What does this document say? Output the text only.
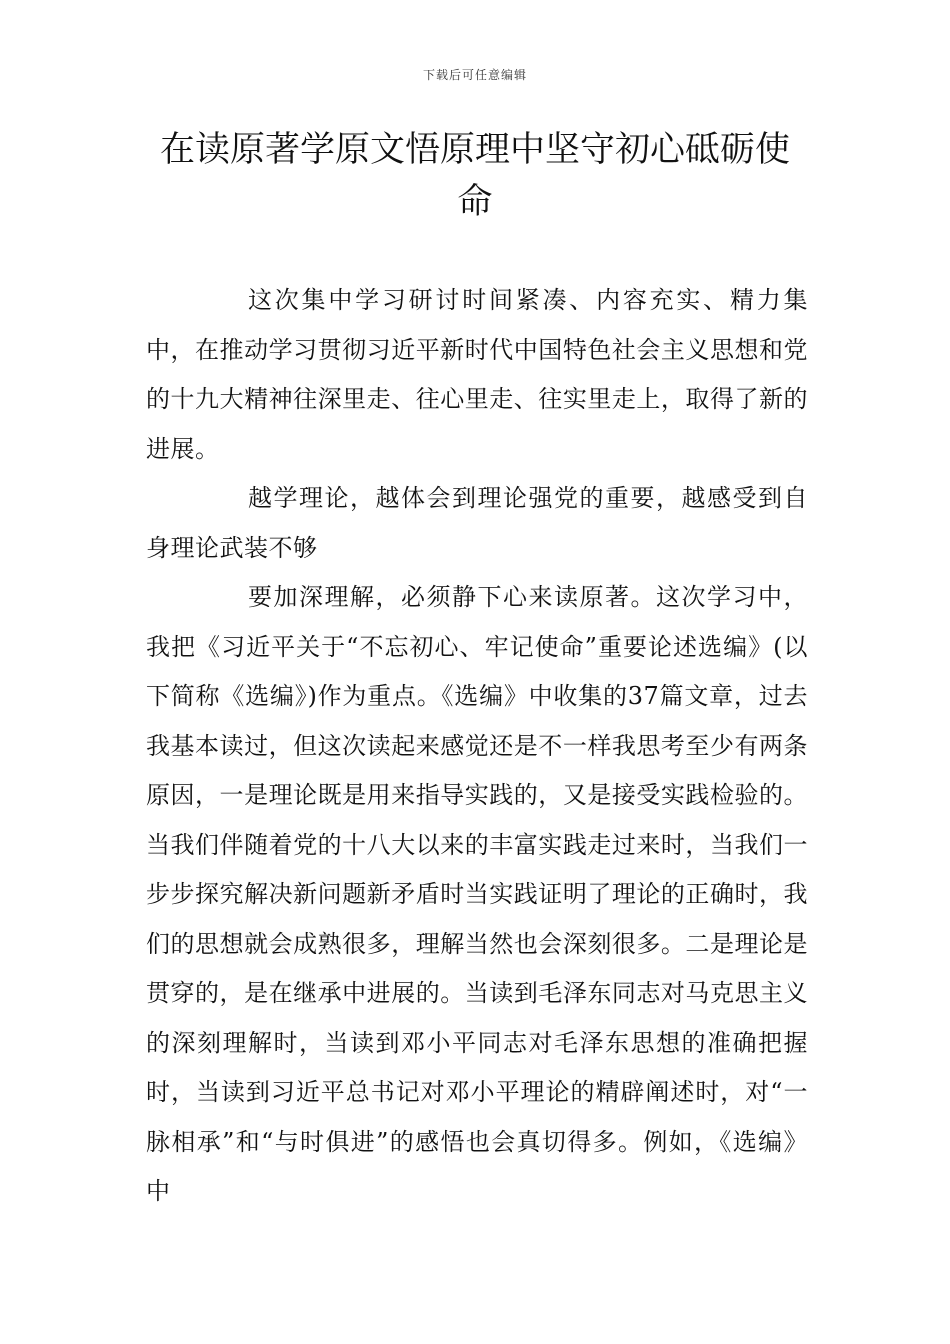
下载后可任意编辑
在读原著学原文悟原理中坚守初心砥砺使命

这次集中学习研讨时间紧凑、内容充实、精力集中，在推动学习贯彻习近平新时代中国特色社会主义思想和党的十九大精神往深里走、往心里走、往实里走上，取得了新的进展。

越学理论，越体会到理论强党的重要，越感受到自身理论武装不够

要加深理解，必须静下心来读原著。这次学习中，我把《习近平关于“不忘初心、牢记使命”重要论述选编》(以下简称《选编》)作为重点。《选编》中收集的37篇文章，过去我基本读过，但这次读起来感觉还是不一样我思考至少有两条原因，一是理论既是用来指导实践的，又是接受实践检验的。当我们伴随着党的十八大以来的丰富实践走过来时，当我们一步步探究解决新问题新矛盾时当实践证明了理论的正确时，我们的思想就会成熟很多，理解当然也会深刻很多。二是理论是贯穿的，是在继承中进展的。当读到毛泽东同志对马克思主义的深刻理解时，当读到邓小平同志对毛泽东思想的准确把握时，当读到习近平总书记对邓小平理论的精辟阐述时，对“一脉相承”和“与时俱进”的感悟也会真切得多。例如，《选编》中
